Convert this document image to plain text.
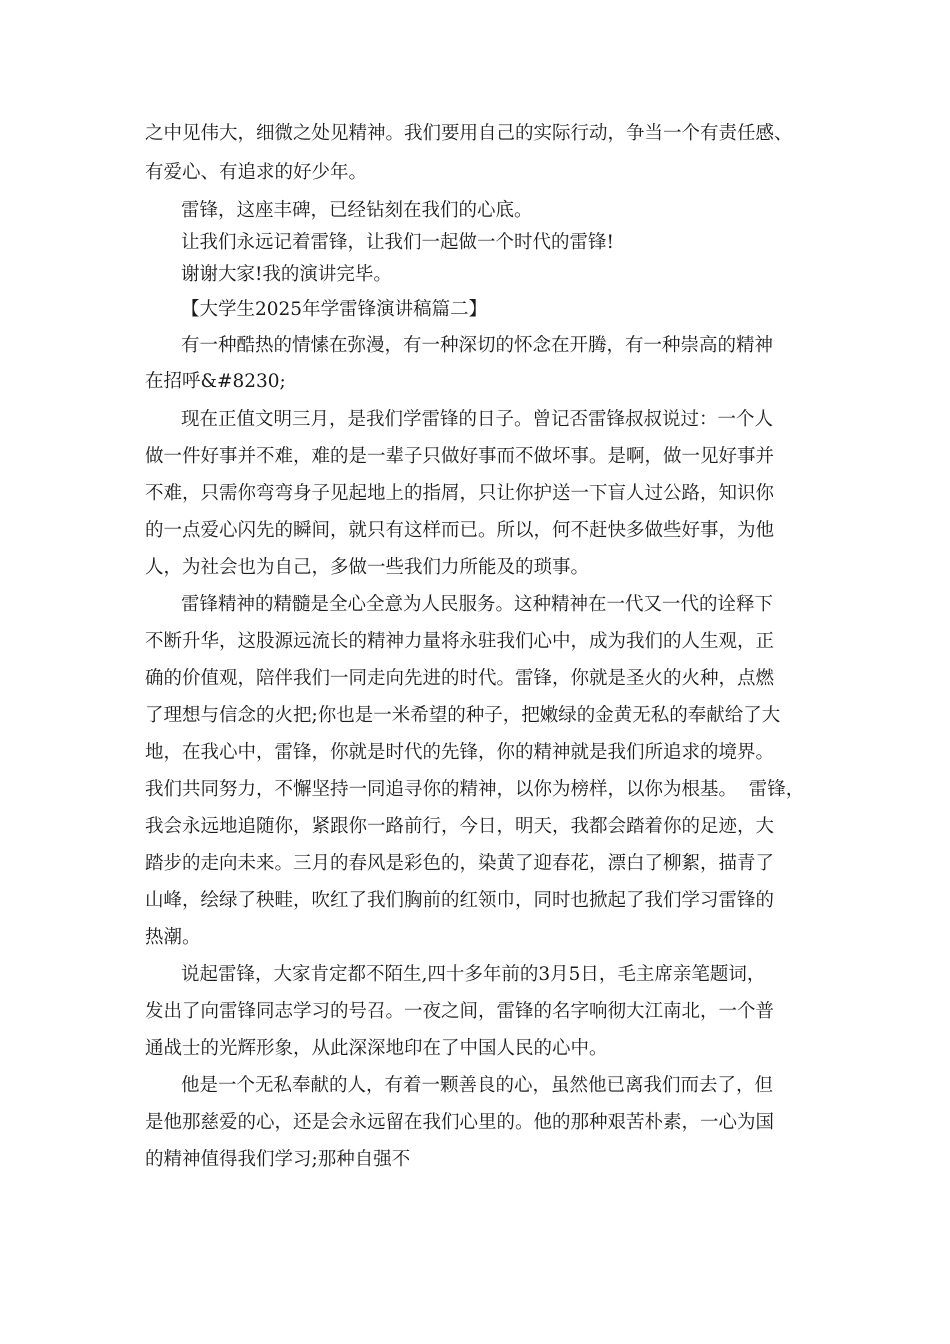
之中见伟大，细微之处见精神。我们要用自己的实际行动，争当一个有责任感、
有爱心、有追求的好少年。
雷锋，这座丰碑，已经钻刻在我们的心底。
让我们永远记着雷锋，让我们一起做一个时代的雷锋!
谢谢大家!我的演讲完毕。
【大学生2025年学雷锋演讲稿篇二】
有一种酷热的情愫在弥漫，有一种深切的怀念在开腾，有一种崇高的精神
在招呼&#8230;
现在正值文明三月，是我们学雷锋的日子。曾记否雷锋叔叔说过：一个人
做一件好事并不难，难的是一辈子只做好事而不做坏事。是啊，做一见好事并
不难，只需你弯弯身子见起地上的指屑，只让你护送一下盲人过公路，知识你
的一点爱心闪先的瞬间，就只有这样而已。所以，何不赶快多做些好事，为他
人，为社会也为自己，多做一些我们力所能及的琐事。
雷锋精神的精髓是全心全意为人民服务。这种精神在一代又一代的诠释下
不断升华，这股源远流长的精神力量将永驻我们心中，成为我们的人生观，正
确的价值观，陪伴我们一同走向先进的时代。雷锋，你就是圣火的火种，点燃
了理想与信念的火把;你也是一米希望的种子，把嫩绿的金黄无私的奉献给了大
地，在我心中，雷锋，你就是时代的先锋，你的精神就是我们所追求的境界。
我们共同努力，不懈坚持一同追寻你的精神，以你为榜样，以你为根基。  雷锋，
我会永远地追随你，紧跟你一路前行，今日，明天，我都会踏着你的足迹，大
踏步的走向未来。三月的春风是彩色的，染黄了迎春花，漂白了柳絮，描青了
山峰，绘绿了秧畦，吹红了我们胸前的红领巾，同时也掀起了我们学习雷锋的
热潮。
说起雷锋，大家肯定都不陌生,四十多年前的3月5日，毛主席亲笔题词，
发出了向雷锋同志学习的号召。一夜之间，雷锋的名字响彻大江南北，一个普
通战士的光辉形象，从此深深地印在了中国人民的心中。
他是一个无私奉献的人，有着一颗善良的心，虽然他已离我们而去了，但
是他那慈爱的心，还是会永远留在我们心里的。他的那种艰苦朴素，一心为国
的精神值得我们学习;那种自强不
